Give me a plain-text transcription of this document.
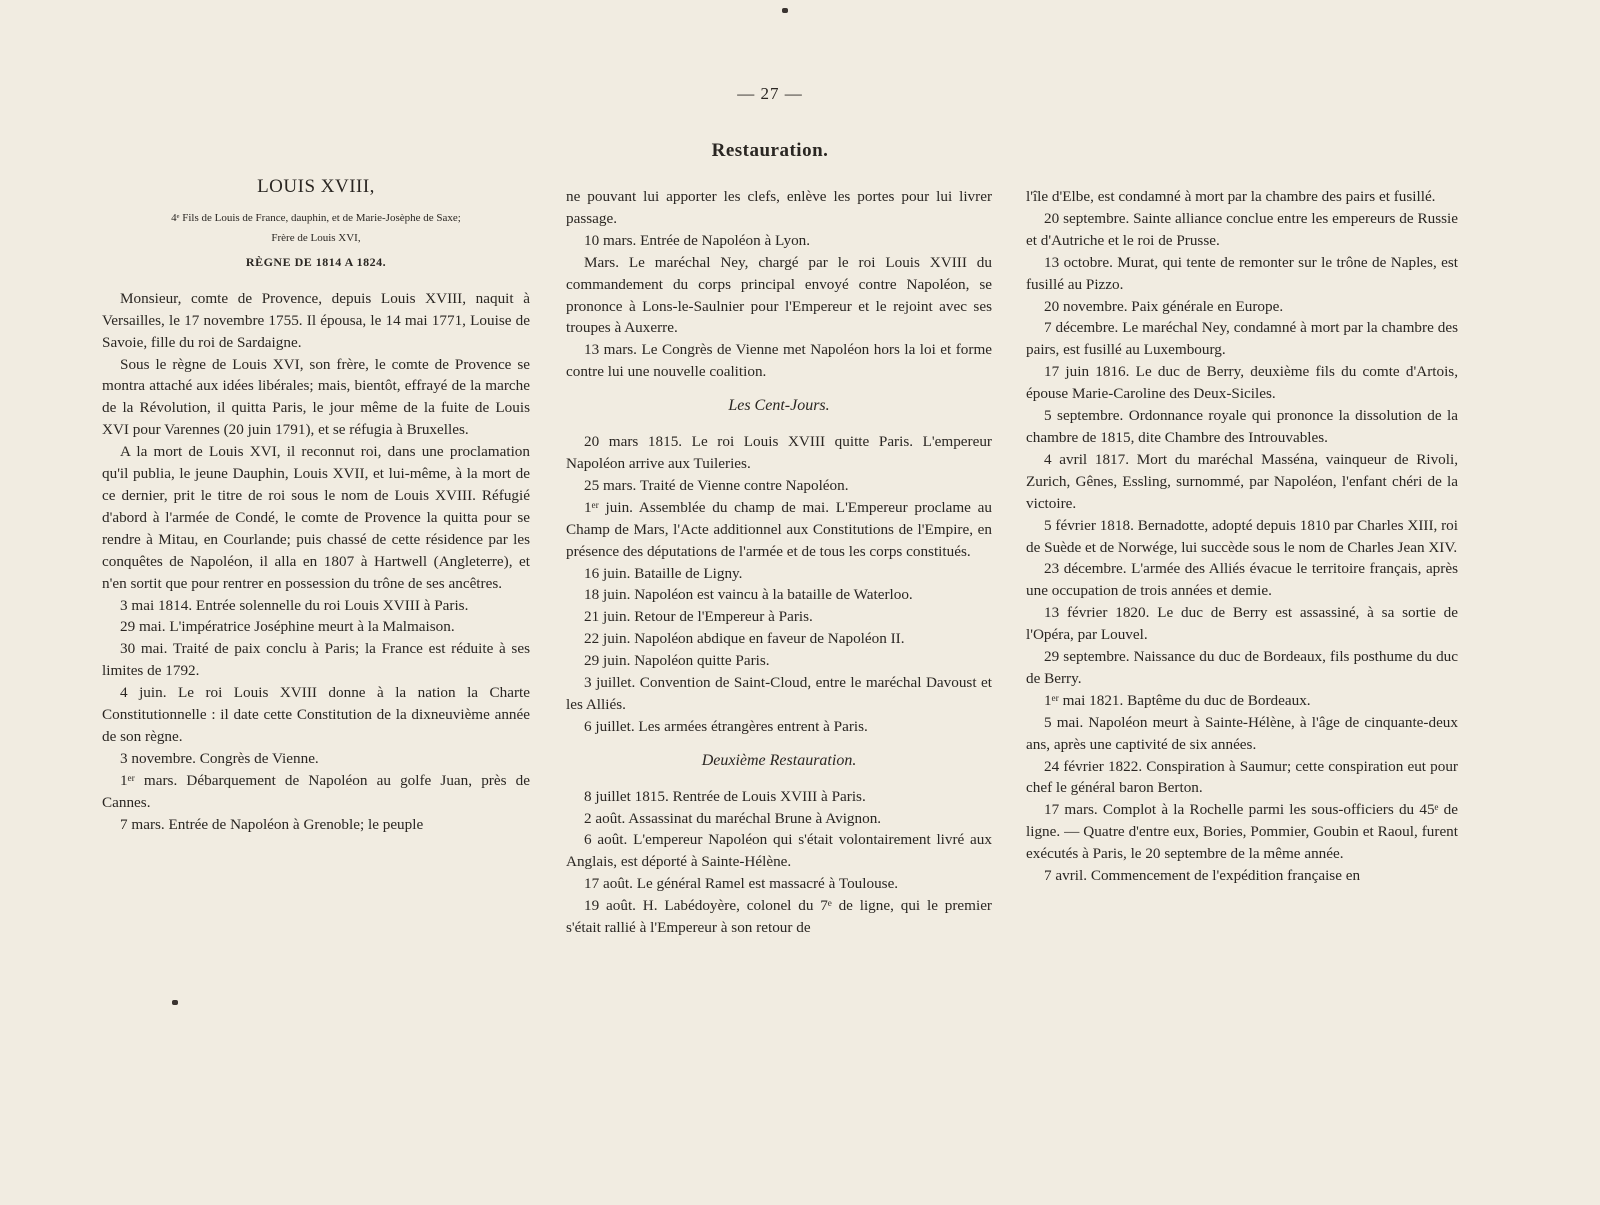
— 27 —
Restauration.
LOUIS XVIII,
4ᵉ Fils de Louis de France, dauphin, et de Marie-Josèphe de Saxe;
Frère de Louis XVI,
RÈGNE DE 1814 A 1824.

Monsieur, comte de Provence, depuis Louis XVIII, naquit à Versailles, le 17 novembre 1755. Il épousa, le 14 mai 1771, Louise de Savoie, fille du roi de Sardaigne.

Sous le règne de Louis XVI, son frère, le comte de Provence se montra attaché aux idées libérales; mais, bientôt, effrayé de la marche de la Révolution, il quitta Paris, le jour même de la fuite de Louis XVI pour Varennes (20 juin 1791), et se réfugia à Bruxelles.

A la mort de Louis XVI, il reconnut roi, dans une proclamation qu'il publia, le jeune Dauphin, Louis XVII, et lui-même, à la mort de ce dernier, prit le titre de roi sous le nom de Louis XVIII. Réfugié d'abord à l'armée de Condé, le comte de Provence la quitta pour se rendre à Mitau, en Courlande; puis chassé de cette résidence par les conquêtes de Napoléon, il alla en 1807 à Hartwell (Angleterre), et n'en sortit que pour rentrer en possession du trône de ses ancêtres.

3 mai 1814. Entrée solennelle du roi Louis XVIII à Paris.

29 mai. L'impératrice Joséphine meurt à la Malmaison.

30 mai. Traité de paix conclu à Paris; la France est réduite à ses limites de 1792.

4 juin. Le roi Louis XVIII donne à la nation la Charte Constitutionnelle : il date cette Constitution de la dixneuvième année de son règne.

3 novembre. Congrès de Vienne.

1ᵉʳ mars. Débarquement de Napoléon au golfe Juan, près de Cannes.

7 mars. Entrée de Napoléon à Grenoble; le peuple

ne pouvant lui apporter les clefs, enlève les portes pour lui livrer passage.

10 mars. Entrée de Napoléon à Lyon.

Mars. Le maréchal Ney, chargé par le roi Louis XVIII du commandement du corps principal envoyé contre Napoléon, se prononce à Lons-le-Saulnier pour l'Empereur et le rejoint avec ses troupes à Auxerre.

13 mars. Le Congrès de Vienne met Napoléon hors la loi et forme contre lui une nouvelle coalition.

Les Cent-Jours.

20 mars 1815. Le roi Louis XVIII quitte Paris. L'empereur Napoléon arrive aux Tuileries.

25 mars. Traité de Vienne contre Napoléon.

1ᵉʳ juin. Assemblée du champ de mai. L'Empereur proclame au Champ de Mars, l'Acte additionnel aux Constitutions de l'Empire, en présence des députations de l'armée et de tous les corps constitués.

16 juin. Bataille de Ligny.

18 juin. Napoléon est vaincu à la bataille de Waterloo.

21 juin. Retour de l'Empereur à Paris.

22 juin. Napoléon abdique en faveur de Napoléon II.

29 juin. Napoléon quitte Paris.

3 juillet. Convention de Saint-Cloud, entre le maréchal Davoust et les Alliés.

6 juillet. Les armées étrangères entrent à Paris.

Deuxième Restauration.

8 juillet 1815. Rentrée de Louis XVIII à Paris.

2 août. Assassinat du maréchal Brune à Avignon.

6 août. L'empereur Napoléon qui s'était volontairement livré aux Anglais, est déporté à Sainte-Hélène.

17 août. Le général Ramel est massacré à Toulouse.

19 août. H. Labédoyère, colonel du 7ᵉ de ligne, qui le premier s'était rallié à l'Empereur à son retour de

l'île d'Elbe, est condamné à mort par la chambre des pairs et fusillé.

20 septembre. Sainte alliance conclue entre les empereurs de Russie et d'Autriche et le roi de Prusse.

13 octobre. Murat, qui tente de remonter sur le trône de Naples, est fusillé au Pizzo.

20 novembre. Paix générale en Europe.

7 décembre. Le maréchal Ney, condamné à mort par la chambre des pairs, est fusillé au Luxembourg.

17 juin 1816. Le duc de Berry, deuxième fils du comte d'Artois, épouse Marie-Caroline des Deux-Siciles.

5 septembre. Ordonnance royale qui prononce la dissolution de la chambre de 1815, dite Chambre des Introuvables.

4 avril 1817. Mort du maréchal Masséna, vainqueur de Rivoli, Zurich, Gênes, Essling, surnommé, par Napoléon, l'enfant chéri de la victoire.

5 février 1818. Bernadotte, adopté depuis 1810 par Charles XIII, roi de Suède et de Norwége, lui succède sous le nom de Charles Jean XIV.

23 décembre. L'armée des Alliés évacue le territoire français, après une occupation de trois années et demie.

13 février 1820. Le duc de Berry est assassiné, à sa sortie de l'Opéra, par Louvel.

29 septembre. Naissance du duc de Bordeaux, fils posthume du duc de Berry.

1ᵉʳ mai 1821. Baptême du duc de Bordeaux.

5 mai. Napoléon meurt à Sainte-Hélène, à l'âge de cinquante-deux ans, après une captivité de six années.

24 février 1822. Conspiration à Saumur; cette conspiration eut pour chef le général baron Berton.

17 mars. Complot à la Rochelle parmi les sous-officiers du 45ᵉ de ligne. — Quatre d'entre eux, Bories, Pommier, Goubin et Raoul, furent exécutés à Paris, le 20 septembre de la même année.

7 avril. Commencement de l'expédition française en
